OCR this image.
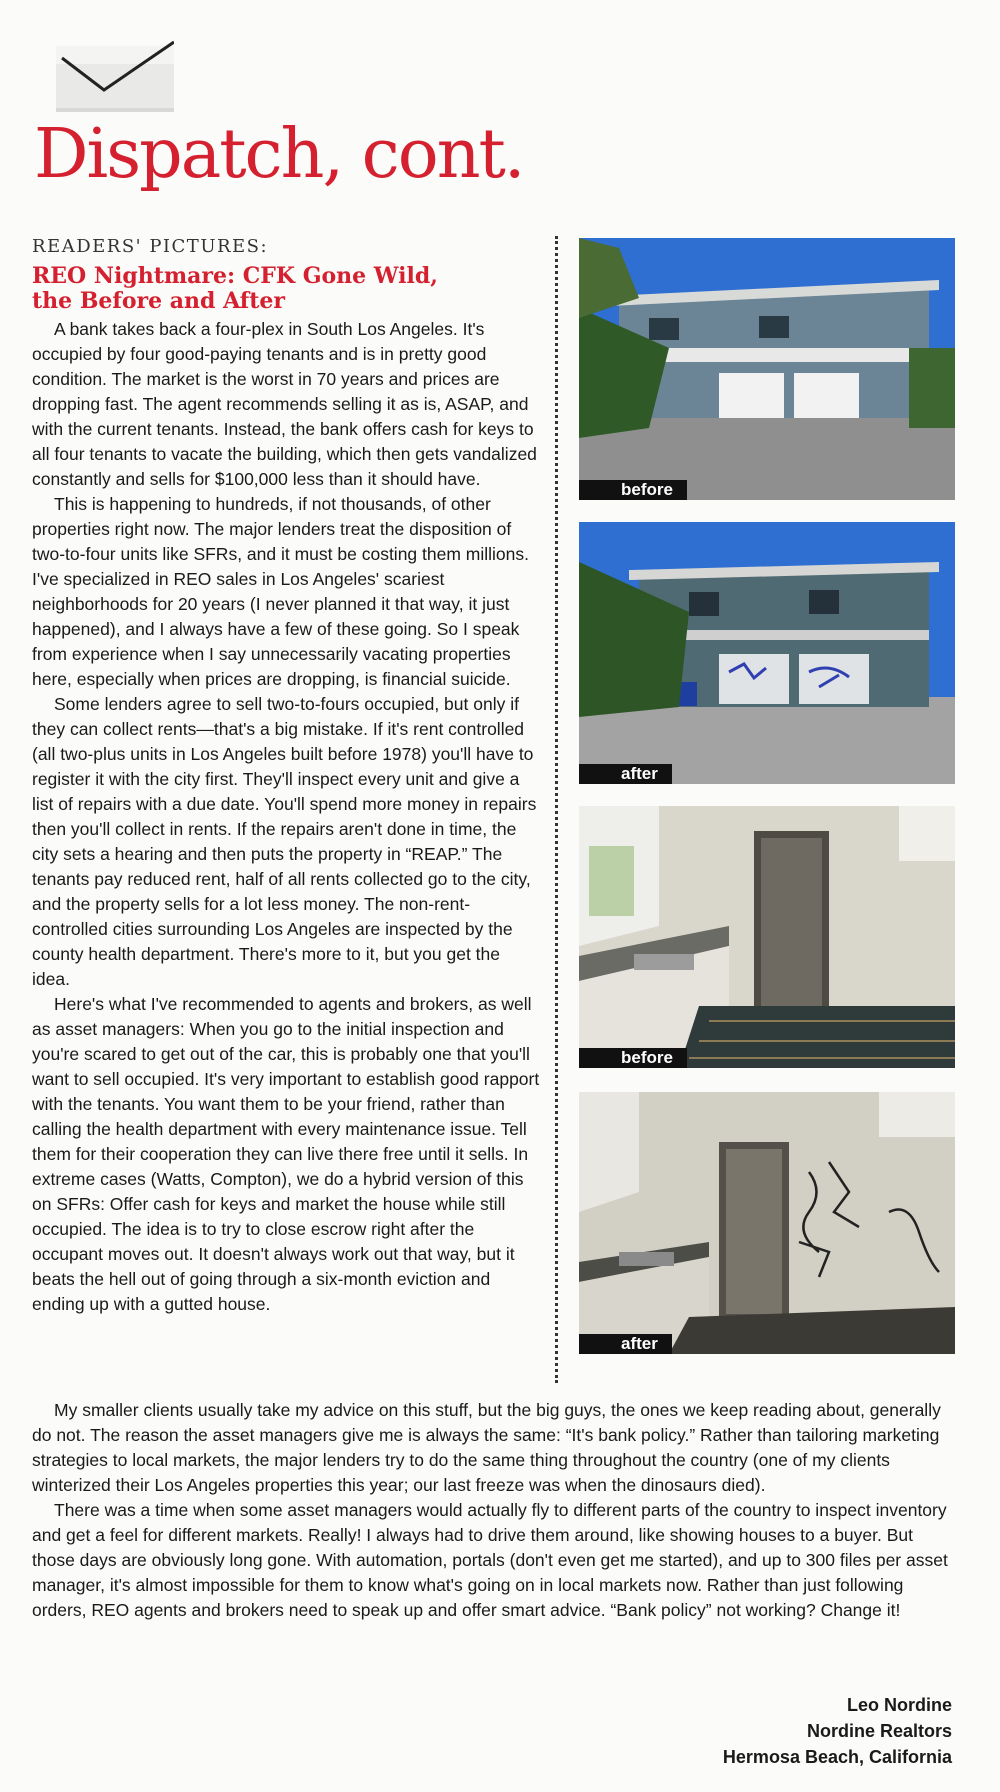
Dispatch, cont.
READERS' PICTURES:
REO Nightmare: CFK Gone Wild,
the Before and After

A bank takes back a four-plex in South Los Angeles. It's occupied by four good-paying tenants and is in pretty good condition. The market is the worst in 70 years and prices are dropping fast. The agent recommends selling it as is, ASAP, and with the current tenants. Instead, the bank offers cash for keys to all four tenants to vacate the building, which then gets vandalized constantly and sells for $100,000 less than it should have.

This is happening to hundreds, if not thousands, of other properties right now. The major lenders treat the disposition of two-to-four units like SFRs, and it must be costing them millions. I've specialized in REO sales in Los Angeles' scariest neighborhoods for 20 years (I never planned it that way, it just happened), and I always have a few of these going. So I speak from experience when I say unnecessarily vacating properties here, especially when prices are dropping, is financial suicide.

Some lenders agree to sell two-to-fours occupied, but only if they can collect rents—that's a big mistake. If it's rent controlled (all two-plus units in Los Angeles built before 1978) you'll have to register it with the city first. They'll inspect every unit and give a list of repairs with a due date. You'll spend more money in repairs then you'll collect in rents. If the repairs aren't done in time, the city sets a hearing and then puts the property in “REAP.” The tenants pay reduced rent, half of all rents collected go to the city, and the property sells for a lot less money. The non-rent-controlled cities surrounding Los Angeles are inspected by the county health department. There's more to it, but you get the idea.

Here's what I've recommended to agents and brokers, as well as asset managers: When you go to the initial inspection and you're scared to get out of the car, this is probably one that you'll want to sell occupied. It's very important to establish good rapport with the tenants. You want them to be your friend, rather than calling the health department with every maintenance issue. Tell them for their cooperation they can live there free until it sells. In extreme cases (Watts, Compton), we do a hybrid version of this on SFRs: Offer cash for keys and market the house while still occupied. The idea is to try to close escrow right after the occupant moves out. It doesn't always work out that way, but it beats the hell out of going through a six-month eviction and ending up with a gutted house.

before
after
before
after

My smaller clients usually take my advice on this stuff, but the big guys, the ones we keep reading about, generally do not. The reason the asset managers give me is always the same: “It's bank policy.” Rather than tailoring marketing strategies to local markets, the major lenders try to do the same thing throughout the country (one of my clients winterized their Los Angeles properties this year; our last freeze was when the dinosaurs died).

There was a time when some asset managers would actually fly to different parts of the country to inspect inventory and get a feel for different markets. Really! I always had to drive them around, like showing houses to a buyer. But those days are obviously long gone. With automation, portals (don't even get me started), and up to 300 files per asset manager, it's almost impossible for them to know what's going on in local markets now. Rather than just following orders, REO agents and brokers need to speak up and offer smart advice. “Bank policy” not working? Change it!

Leo Nordine
Nordine Realtors
Hermosa Beach, California
